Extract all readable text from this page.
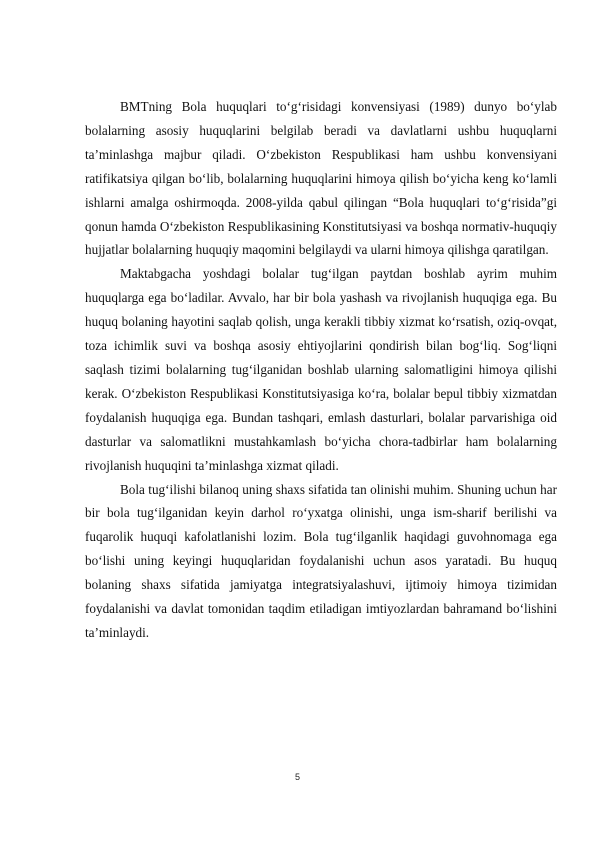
BMTning Bola huquqlari to‘g‘risidagi konvensiyasi (1989) dunyo bo‘ylab bolalarning asosiy huquqlarini belgilab beradi va davlatlarni ushbu huquqlarni ta’minlashga majbur qiladi. O‘zbekiston Respublikasi ham ushbu konvensiyani ratifikatsiya qilgan bo‘lib, bolalarning huquqlarini himoya qilish bo‘yicha keng ko‘lamli ishlarni amalga oshirmoqda. 2008-yilda qabul qilingan “Bola huquqlari to‘g‘risida”gi qonun hamda O‘zbekiston Respublikasining Konstitutsiyasi va boshqa normativ-huquqiy hujjatlar bolalarning huquqiy maqomini belgilaydi va ularni himoya qilishga qaratilgan.

Maktabgacha yoshdagi bolalar tug‘ilgan paytdan boshlab ayrim muhim huquqlarga ega bo‘ladilar. Avvalo, har bir bola yashash va rivojlanish huquqiga ega. Bu huquq bolaning hayotini saqlab qolish, unga kerakli tibbiy xizmat ko‘rsatish, oziq-ovqat, toza ichimlik suvi va boshqa asosiy ehtiyojlarini qondirish bilan bog‘liq. Sog‘liqni saqlash tizimi bolalarning tug‘ilganidan boshlab ularning salomatligini himoya qilishi kerak. O‘zbekiston Respublikasi Konstitutsiyasiga ko‘ra, bolalar bepul tibbiy xizmatdan foydalanish huquqiga ega. Bundan tashqari, emlash dasturlari, bolalar parvarishiga oid dasturlar va salomatlikni mustahkamlash bo‘yicha chora-tadbirlar ham bolalarning rivojlanish huquqini ta’minlashga xizmat qiladi.

Bola tug‘ilishi bilanoq uning shaxs sifatida tan olinishi muhim. Shuning uchun har bir bola tug‘ilganidan keyin darhol ro‘yxatga olinishi, unga ism-sharif berilishi va fuqarolik huquqi kafolatlanishi lozim. Bola tug‘ilganlik haqidagi guvohnomaga ega bo‘lishi uning keyingi huquqlaridan foydalanishi uchun asos yaratadi. Bu huquq bolaning shaxs sifatida jamiyatga integratsiyalashuvi, ijtimoiy himoya tizimidan foydalanishi va davlat tomonidan taqdim etiladigan imtiyozlardan bahramand bo‘lishini ta’minlaydi.

5
